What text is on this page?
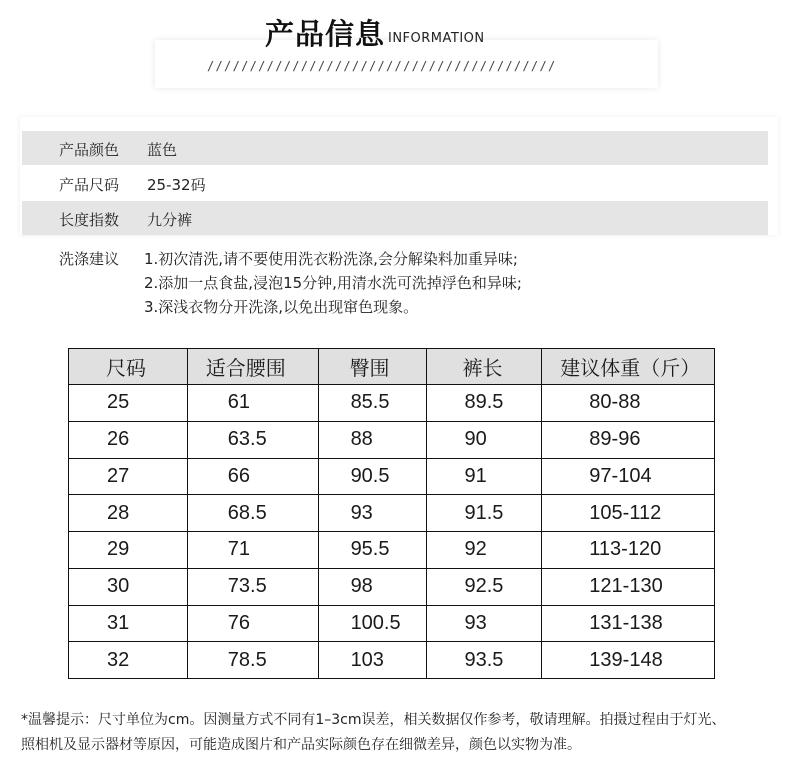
产品信息 INFORMATION
/////////////////////////////////////////
产品颜色 蓝色
产品尺码 25-32码
长度指数 九分裤
洗涤建议 1.初次清洗,请不要使用洗衣粉洗涤,会分解染料加重异味;
2.添加一点食盐,浸泡15分钟,用清水洗可洗掉浮色和异味;
3.深浅衣物分开洗涤,以免出现窜色现象。
尺码	适合腰围	臀围	裤长	建议体重（斤）
25	61	85.5	89.5	80-88
26	63.5	88	90	89-96
27	66	90.5	91	97-104
28	68.5	93	91.5	105-112
29	71	95.5	92	113-120
30	73.5	98	92.5	121-130
31	76	100.5	93	131-138
32	78.5	103	93.5	139-148
*温馨提示：尺寸单位为cm。因测量方式不同有1–3cm误差，相关数据仅作参考，敬请理解。拍摄过程由于灯光、
照相机及显示器材等原因，可能造成图片和产品实际颜色存在细微差异，颜色以实物为准。
